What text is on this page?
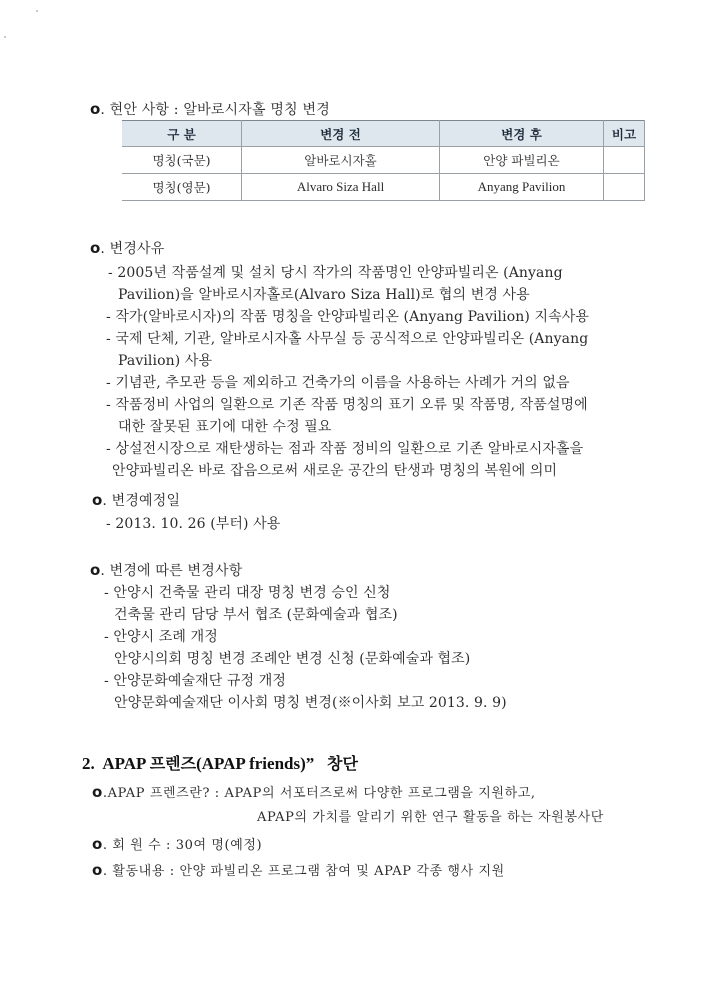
o. 현안 사항 : 알바로시자홀 명칭 변경
구 분	변경 전	변경 후	비고
명칭(국문)	알바로시자홀	안양 파빌리온	
명칭(영문)	Alvaro Siza Hall	Anyang Pavilion	
o. 변경사유
- 2005년 작품설계 및 설치 당시 작가의 작품명인 안양파빌리온 (Anyang
Pavilion)을 알바로시자홀로(Alvaro Siza Hall)로 협의 변경 사용
- 작가(알바로시자)의 작품 명칭을 안양파빌리온 (Anyang Pavilion) 지속사용
- 국제 단체, 기관, 알바로시자홀 사무실 등 공식적으로 안양파빌리온 (Anyang
Pavilion) 사용
- 기념관, 추모관 등을 제외하고 건축가의 이름을 사용하는 사례가 거의 없음
- 작품정비 사업의 일환으로 기존 작품 명칭의 표기 오류 및 작품명, 작품설명에
대한 잘못된 표기에 대한 수정 필요
- 상설전시장으로 재탄생하는 점과 작품 정비의 일환으로 기존 알바로시자홀을
안양파빌리온 바로 잡음으로써 새로운 공간의 탄생과 명칭의 복원에 의미
o. 변경예정일
- 2013. 10. 26 (부터) 사용
o. 변경에 따른 변경사항
- 안양시 건축물 관리 대장 명칭 변경 승인 신청
건축물 관리 담당 부서 협조 (문화예술과 협조)
- 안양시 조례 개정
안양시의회 명칭 변경 조례안 변경 신청 (문화예술과 협조)
- 안양문화예술재단 규정 개정
안양문화예술재단 이사회 명칭 변경(※이사회 보고 2013. 9. 9)
2. APAP 프렌즈(APAP friends)” 창단
o.APAP 프렌즈란? : APAP의 서포터즈로써 다양한 프로그램을 지원하고,
APAP의 가치를 알리기 위한 연구 활동을 하는 자원봉사단
o. 회 원 수 : 30여 명(예정)
o. 활동내용 : 안양 파빌리온 프로그램 참여 및 APAP 각종 행사 지원
